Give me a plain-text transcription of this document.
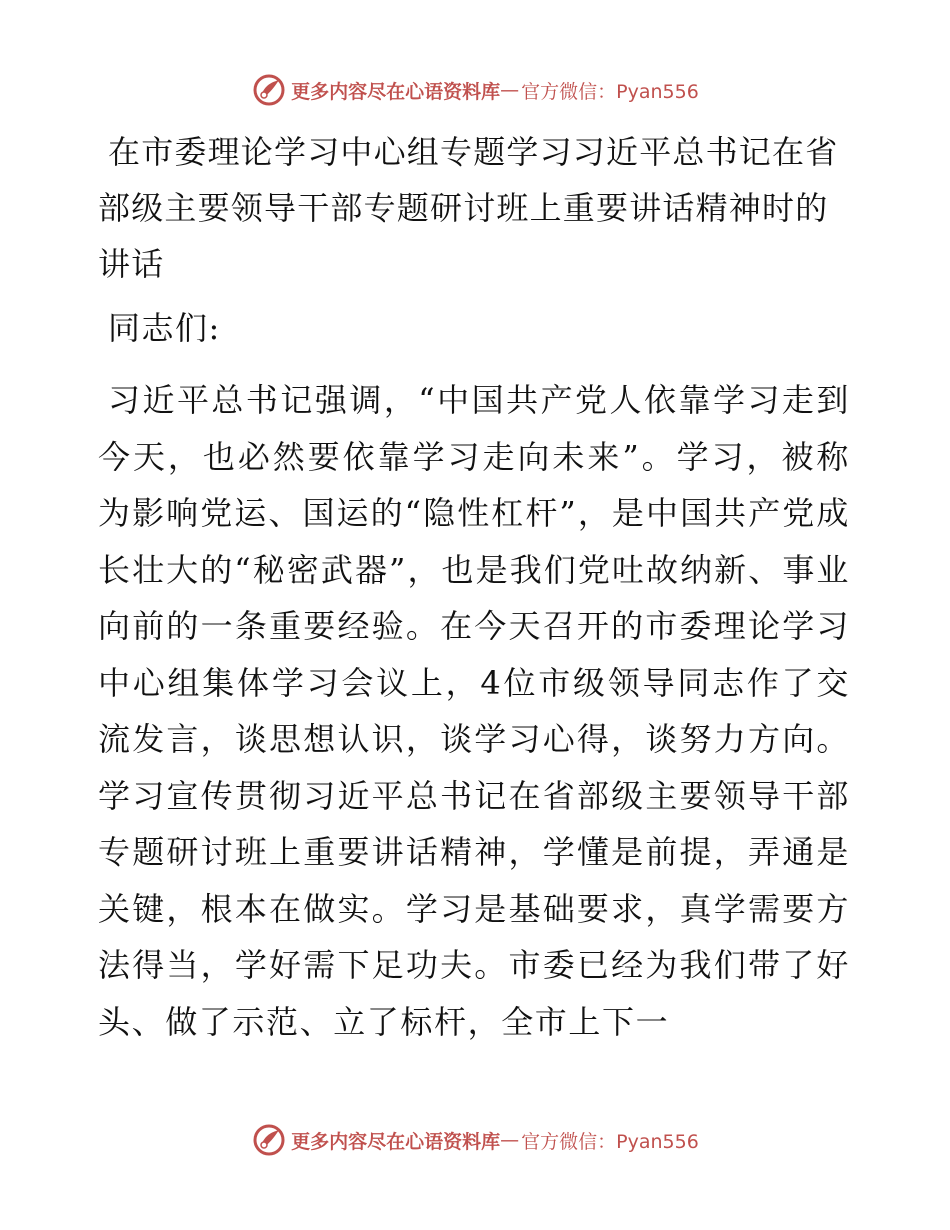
更多内容尽在心语资料库 — 官方微信：Pyan556
在市委理论学习中心组专题学习习近平总书记在省部级主要领导干部专题研讨班上重要讲话精神时的讲话

同志们:

习近平总书记强调，“中国共产党人依靠学习走到今天，也必然要依靠学习走向未来”。学习，被称为影响党运、国运的“隐性杠杆”，是中国共产党成长壮大的“秘密武器”，也是我们党吐故纳新、事业向前的一条重要经验。在今天召开的市委理论学习中心组集体学习会议上，4位市级领导同志作了交流发言，谈思想认识，谈学习心得，谈努力方向。学习宣传贯彻习近平总书记在省部级主要领导干部专题研讨班上重要讲话精神，学懂是前提，弄通是关键，根本在做实。学习是基础要求，真学需要方法得当，学好需下足功夫。市委已经为我们带了好头、做了示范、立了标杆，全市上下一

更多内容尽在心语资料库 — 官方微信：Pyan556
